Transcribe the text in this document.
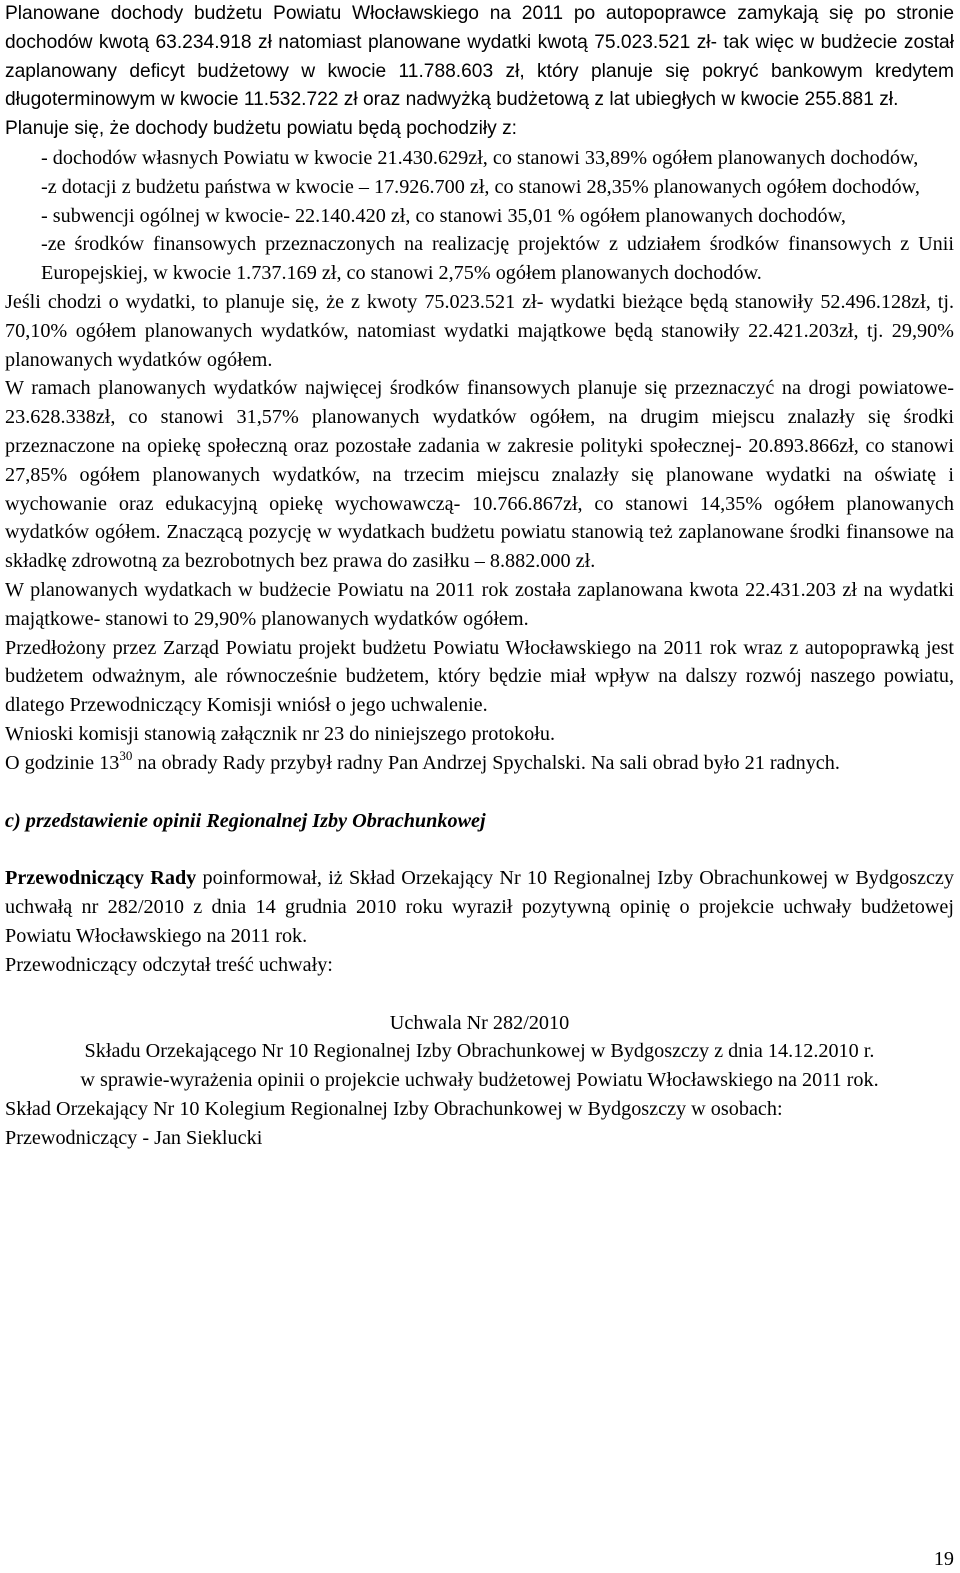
Planowane dochody budżetu Powiatu Włocławskiego na 2011 po autopoprawce zamykają się po stronie dochodów kwotą 63.234.918 zł natomiast planowane wydatki kwotą 75.023.521 zł- tak więc w budżecie został zaplanowany deficyt budżetowy w kwocie 11.788.603 zł, który planuje się pokryć bankowym kredytem długoterminowym w kwocie 11.532.722 zł oraz nadwyżką budżetową z lat ubiegłych w kwocie 255.881 zł.

Planuje się, że dochody budżetu powiatu będą pochodziły z:

- dochodów własnych Powiatu w kwocie 21.430.629zł, co stanowi 33,89% ogółem planowanych dochodów,

-z dotacji z budżetu państwa w kwocie – 17.926.700 zł, co stanowi 28,35% planowanych ogółem dochodów,

- subwencji ogólnej w kwocie- 22.140.420 zł, co stanowi 35,01 % ogółem planowanych dochodów,

-ze środków finansowych przeznaczonych na realizację projektów z udziałem środków finansowych z Unii Europejskiej, w kwocie 1.737.169 zł, co stanowi 2,75% ogółem planowanych dochodów.

Jeśli chodzi o wydatki, to planuje się, że z kwoty 75.023.521 zł- wydatki bieżące będą stanowiły 52.496.128zł, tj. 70,10% ogółem planowanych wydatków, natomiast wydatki majątkowe będą stanowiły 22.421.203zł, tj. 29,90% planowanych wydatków ogółem.

W ramach planowanych wydatków najwięcej środków finansowych planuje się przeznaczyć na drogi powiatowe- 23.628.338zł, co stanowi 31,57% planowanych wydatków ogółem, na drugim miejscu znalazły się środki przeznaczone na opiekę społeczną oraz pozostałe zadania w zakresie polityki społecznej- 20.893.866zł, co stanowi 27,85% ogółem planowanych wydatków, na trzecim miejscu znalazły się planowane wydatki na oświatę i wychowanie oraz edukacyjną opiekę wychowawczą- 10.766.867zł, co stanowi 14,35% ogółem planowanych wydatków ogółem. Znaczącą pozycję w wydatkach budżetu powiatu stanowią też zaplanowane środki finansowe na składkę zdrowotną za bezrobotnych bez prawa do zasiłku – 8.882.000 zł.

W planowanych wydatkach w budżecie Powiatu na 2011 rok została zaplanowana kwota 22.431.203 zł na wydatki majątkowe- stanowi to 29,90% planowanych wydatków ogółem.

Przedłożony przez Zarząd Powiatu projekt budżetu Powiatu Włocławskiego na 2011 rok wraz z autopoprawką jest budżetem odważnym, ale równocześnie budżetem, który będzie miał wpływ na dalszy rozwój naszego powiatu, dlatego Przewodniczący Komisji wniósł o jego uchwalenie.

Wnioski komisji stanowią załącznik nr 23 do niniejszego protokołu.

O godzinie $13^{30}$ na obrady Rady przybył radny Pan Andrzej Spychalski. Na sali obrad było 21 radnych.

c) przedstawienie opinii Regionalnej Izby Obrachunkowej

Przewodniczący Rady poinformował, iż Skład Orzekający Nr 10 Regionalnej Izby Obrachunkowej w Bydgoszczy uchwałą nr 282/2010 z dnia 14 grudnia 2010 roku wyraził pozytywną opinię o projekcie uchwały budżetowej Powiatu Włocławskiego na 2011 rok.

Przewodniczący odczytał treść uchwały:

Uchwala Nr 282/2010

Składu Orzekającego Nr 10 Regionalnej Izby Obrachunkowej w Bydgoszczy z dnia 14.12.2010 r.

w sprawie-wyrażenia opinii o projekcie uchwały budżetowej Powiatu Włocławskiego na 2011 rok.

Skład Orzekający Nr 10 Kolegium Regionalnej Izby Obrachunkowej w Bydgoszczy w osobach:

Przewodniczący - Jan Sieklucki

19
